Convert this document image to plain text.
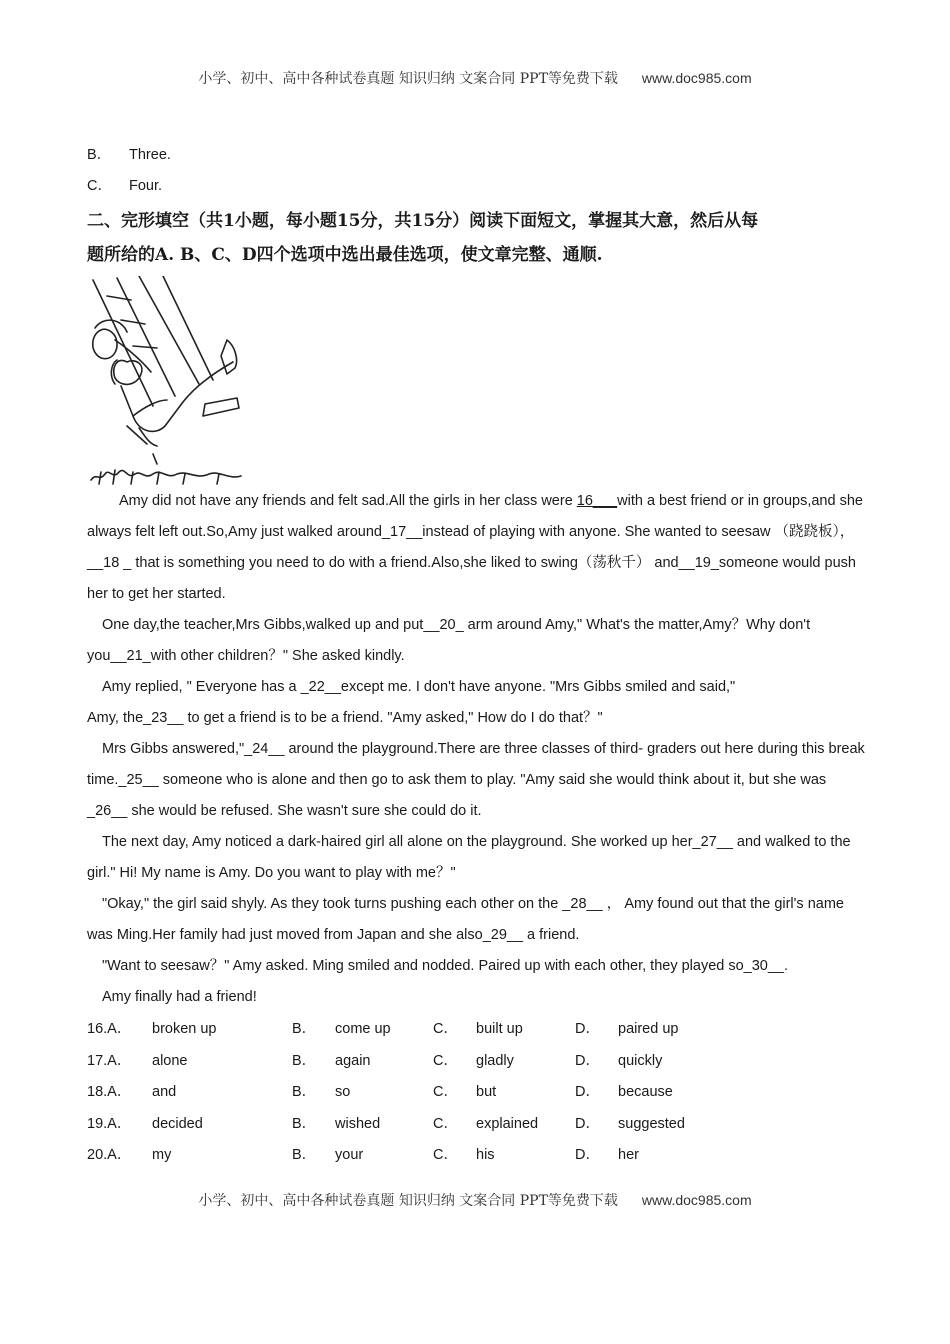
小学、初中、高中各种试卷真题 知识归纳 文案合同 PPT等免费下载 www.doc985.com
B． Three.
C． Four.
二、完形填空（共1小题，每小题15分，共15分）阅读下面短文，掌握其大意，然后从每
题所给的A. B、C、D四个选项中选出最佳选项，使文章完整、通顺.
Amy did not have any friends and felt sad.All the girls in her class were 16___with a best friend or in groups,and she always felt left out.So,Amy just walked around_17__instead of playing with anyone. She wanted to seesaw （跷跷板），__18 _ that is something you need to do with a friend.Also,she liked to swing（荡秋千） and__19_someone would push her to get her started.
One day,the teacher,Mrs Gibbs,walked up and put__20_ arm around Amy," What's the matter,Amy？Why don't you__21_with other children？" She asked kindly.
Amy replied, " Everyone has a _22__except me. I don't have anyone. "Mrs Gibbs smiled and said,"
Amy, the_23__ to get a friend is to be a friend. "Amy asked," How do I do that？"
Mrs Gibbs answered,"_24__ around the playground.There are three classes of third- graders out here during this break time._25__ someone who is alone and then go to ask them to play. "Amy said she would think about it, but she was _26__ she would be refused. She wasn't sure she could do it.
The next day, Amy noticed a dark-haired girl all alone on the playground. She worked up her_27__ and walked to the girl." Hi! My name is Amy. Do you want to play with me？"
"Okay," the girl said shyly. As they took turns pushing each other on the _28__ ， Amy found out that the girl's name was Ming.Her family had just moved from Japan and she also_29__ a friend.
"Want to seesaw？" Amy asked. Ming smiled and nodded. Paired up with each other, they played so_30__.
Amy finally had a friend!
16.A． broken up	B． come up	C． built up	D． paired up
17.A． alone	B． again	C． gladly	D． quickly
18.A． and	B． so	C． but	D． because
19.A． decided	B． wished	C． explained	D． suggested
20.A． my	B． your	C． his	D． her
小学、初中、高中各种试卷真题 知识归纳 文案合同 PPT等免费下载 www.doc985.com
